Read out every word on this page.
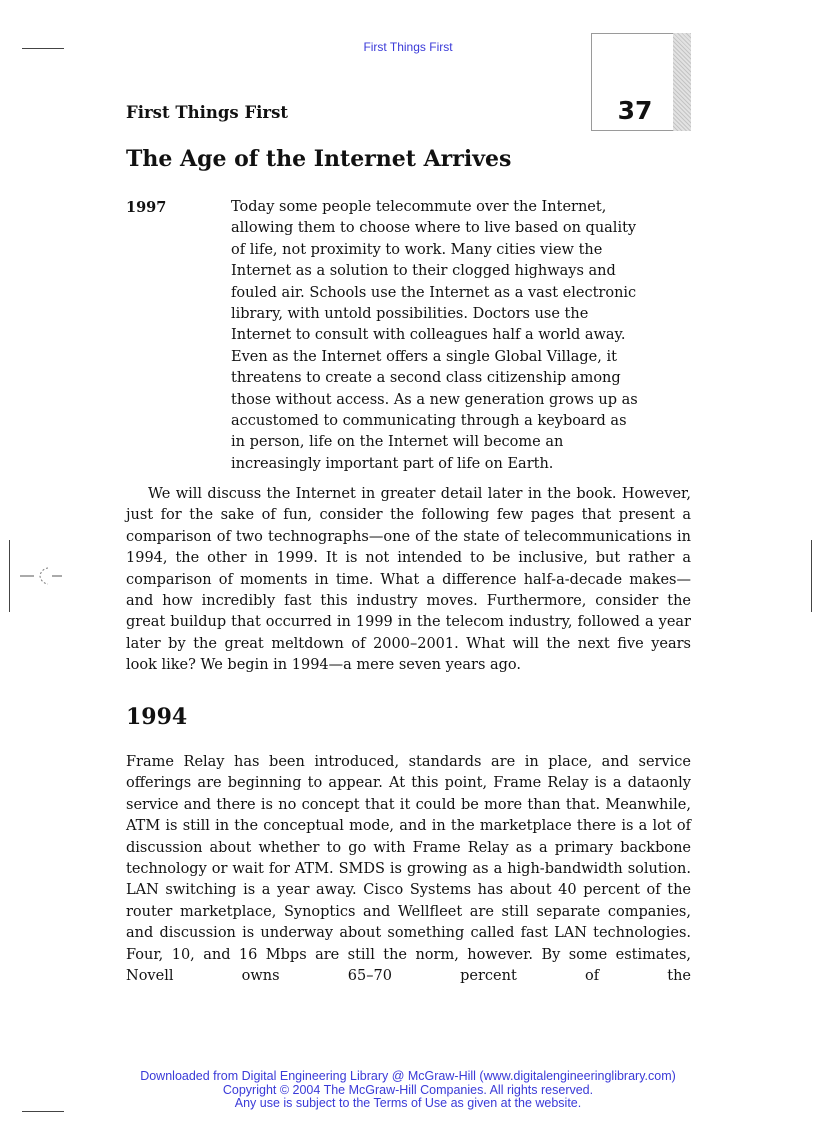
First Things First
37
First Things First
The Age of the Internet Arrives
1997	Today some people telecommute over the Internet,
allowing them to choose where to live based on quality
of life, not proximity to work. Many cities view the
Internet as a solution to their clogged highways and
fouled air. Schools use the Internet as a vast electronic
library, with untold possibilities. Doctors use the
Internet to consult with colleagues half a world away.
Even as the Internet offers a single Global Village, it
threatens to create a second class citizenship among
those without access. As a new generation grows up as
accustomed to communicating through a keyboard as
in person, life on the Internet will become an
increasingly important part of life on Earth.
We will discuss the Internet in greater detail later in the book. However, just for the sake of fun, consider the following few pages that present a comparison of two technographs—one of the state of telecommunications in 1994, the other in 1999. It is not intended to be inclusive, but rather a comparison of moments in time. What a difference half-a-decade makes—and how incredibly fast this industry moves. Furthermore, consider the great buildup that occurred in 1999 in the telecom industry, followed a year later by the great meltdown of 2000–2001. What will the next five years look like? We begin in 1994—a mere seven years ago.
1994
Frame Relay has been introduced, standards are in place, and service offerings are beginning to appear. At this point, Frame Relay is a dataonly service and there is no concept that it could be more than that. Meanwhile, ATM is still in the conceptual mode, and in the marketplace there is a lot of discussion about whether to go with Frame Relay as a primary backbone technology or wait for ATM. SMDS is growing as a high-bandwidth solution. LAN switching is a year away. Cisco Systems has about 40 percent of the router marketplace, Synoptics and Wellfleet are still separate companies, and discussion is underway about something called fast LAN technologies. Four, 10, and 16 Mbps are still the norm, however. By some estimates, Novell owns 65–70 percent of the
Downloaded from Digital Engineering Library @ McGraw-Hill (www.digitalengineeringlibrary.com)
Copyright © 2004 The McGraw-Hill Companies. All rights reserved.
Any use is subject to the Terms of Use as given at the website.
